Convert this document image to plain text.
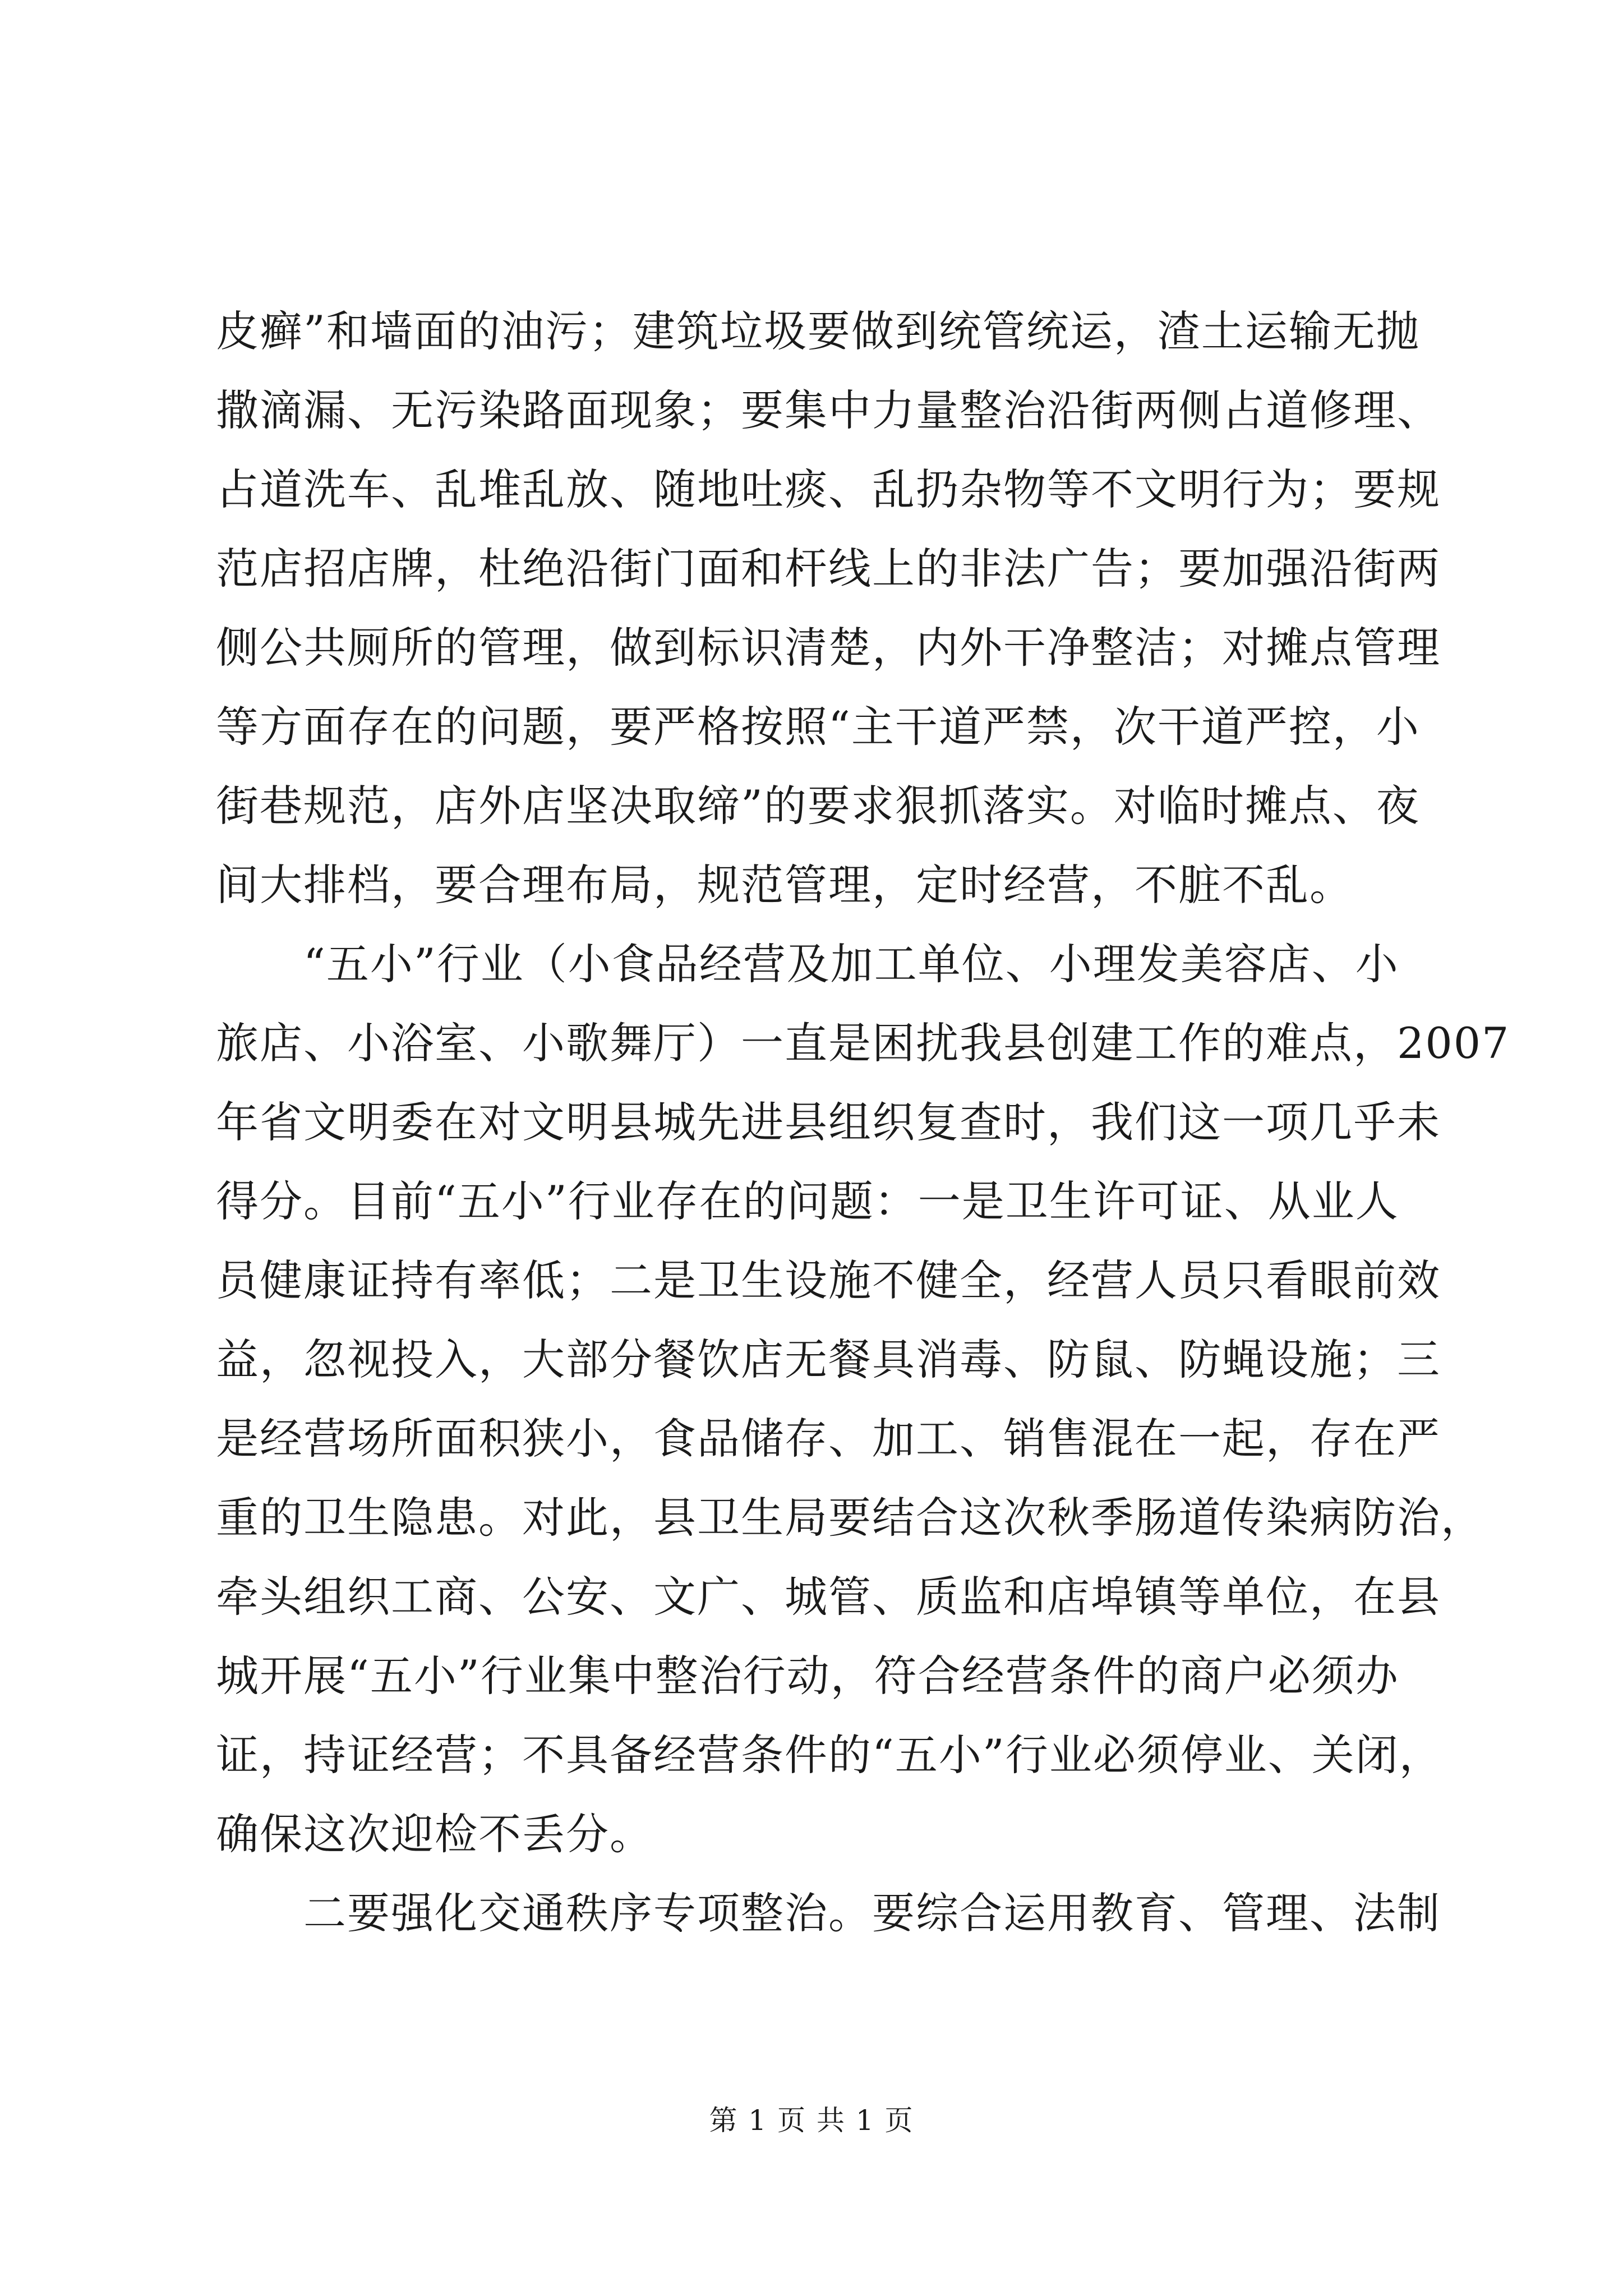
皮癣”和墙面的油污；建筑垃圾要做到统管统运，渣土运输无抛
撒滴漏、无污染路面现象；要集中力量整治沿街两侧占道修理、
占道洗车、乱堆乱放、随地吐痰、乱扔杂物等不文明行为；要规
范店招店牌，杜绝沿街门面和杆线上的非法广告；要加强沿街两
侧公共厕所的管理，做到标识清楚，内外干净整洁；对摊点管理
等方面存在的问题，要严格按照“主干道严禁，次干道严控，小
街巷规范，店外店坚决取缔”的要求狠抓落实。对临时摊点、夜
间大排档，要合理布局，规范管理，定时经营，不脏不乱。
“五小”行业（小食品经营及加工单位、小理发美容店、小
旅店、小浴室、小歌舞厅）一直是困扰我县创建工作的难点，2007
年省文明委在对文明县城先进县组织复查时，我们这一项几乎未
得分。目前“五小”行业存在的问题：一是卫生许可证、从业人
员健康证持有率低；二是卫生设施不健全，经营人员只看眼前效
益，忽视投入，大部分餐饮店无餐具消毒、防鼠、防蝇设施；三
是经营场所面积狭小，食品储存、加工、销售混在一起，存在严
重的卫生隐患。对此，县卫生局要结合这次秋季肠道传染病防治，
牵头组织工商、公安、文广、城管、质监和店埠镇等单位，在县
城开展“五小”行业集中整治行动，符合经营条件的商户必须办
证，持证经营；不具备经营条件的“五小”行业必须停业、关闭，
确保这次迎检不丢分。
二要强化交通秩序专项整治。要综合运用教育、管理、法制
第 1 页 共 1 页
